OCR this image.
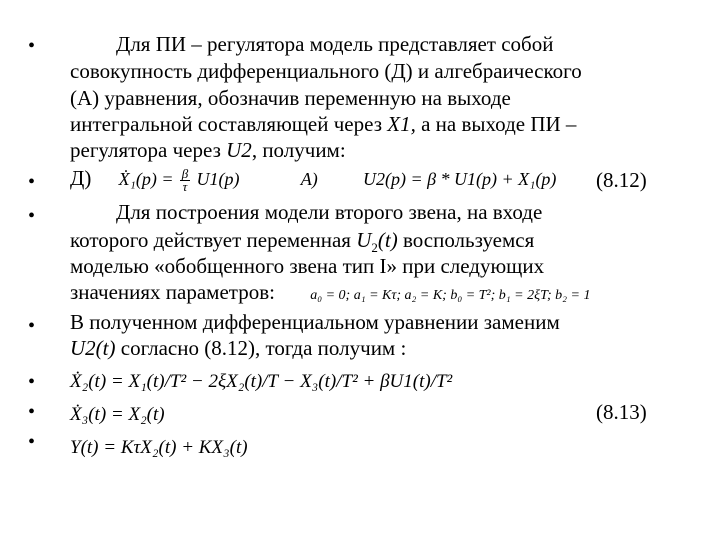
•
•
•
•
•
•
•
Для ПИ – регулятора модель представляет собой
совокупность дифференциального (Д) и алгебраического
(А) уравнения, обозначив переменную на выходе
интегральной составляющей через X1, а на выходе ПИ –
регулятора через U2, получим:
Д) Ẋ₁(p) = $\frac{\beta}{\tau} U1(p)$	А)	U2(p) = β * U1(p) + X₁(p) (8.12)
Для построения модели второго звена, на входе
которого действует переменная $U_2(t)$ воспользуемся
моделью «обобщенного звена тип I» при следующих
значениях параметров:	a₀ = 0; a₁ = Kτ; a₂ = K; b₀ = T²; b₁ = 2ξT; b₂ = 1
В полученном дифференциальном уравнении заменим
U2(t) согласно (8.12), тогда получим :
Ẋ₂(t) = X₁(t)/T² − 2ξX₂(t)/T − X₃(t)/T² + βU1(t)/T²
Ẋ₃(t) = X₂(t)	(8.13)
Y(t) = KτX₂(t) + KX₃(t)
